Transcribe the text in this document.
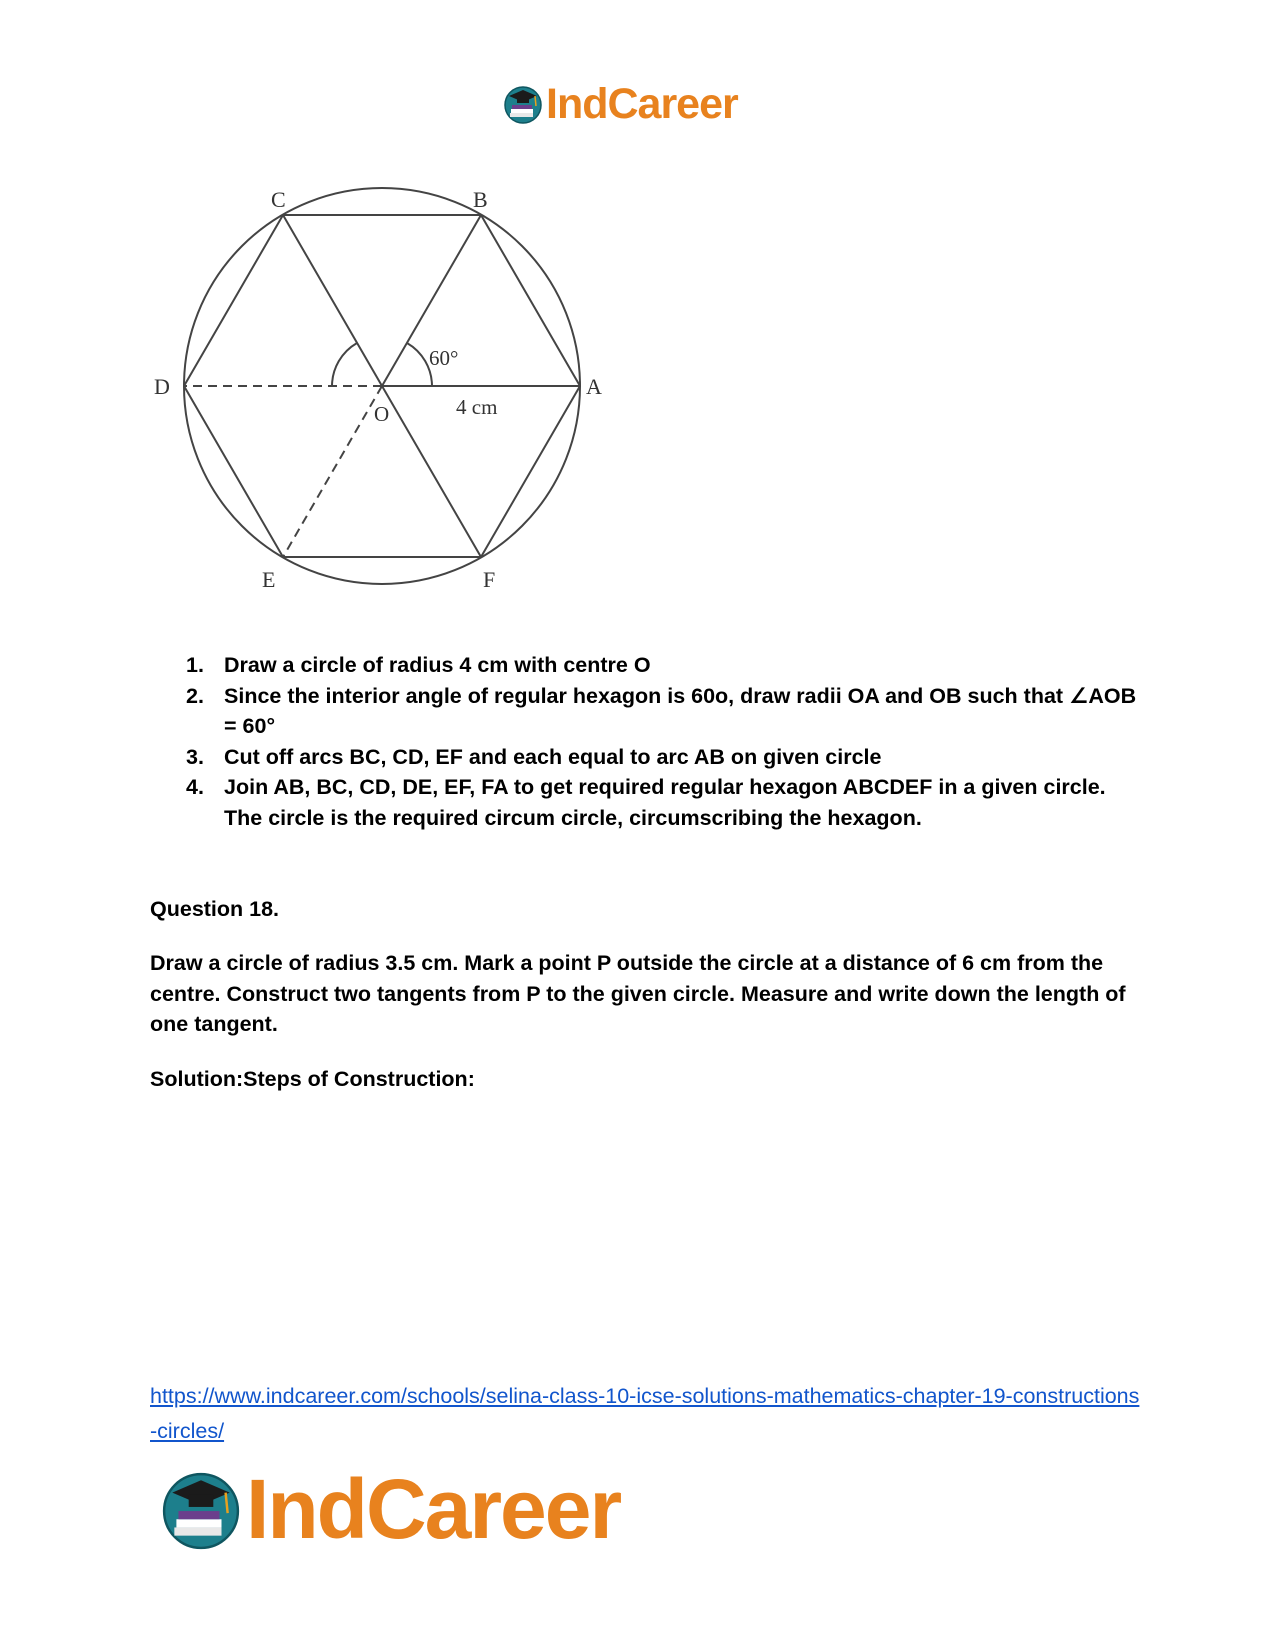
IndCareer
C	B
D	A
O
E	F
60°
4 cm
1. Draw a circle of radius 4 cm with centre O
2. Since the interior angle of regular hexagon is 60o, draw radii OA and OB such that ∠AOB = 60°
3. Cut off arcs BC, CD, EF and each equal to arc AB on given circle
4. Join AB, BC, CD, DE, EF, FA to get required regular hexagon ABCDEF in a given circle.
The circle is the required circum circle, circumscribing the hexagon.

Question 18.

Draw a circle of radius 3.5 cm. Mark a point P outside the circle at a distance of 6 cm from the centre. Construct two tangents from P to the given circle. Measure and write down the length of one tangent.

Solution:Steps of Construction:

https://www.indcareer.com/schools/selina-class-10-icse-solutions-mathematics-chapter-19-constructions-circles/
IndCareer
